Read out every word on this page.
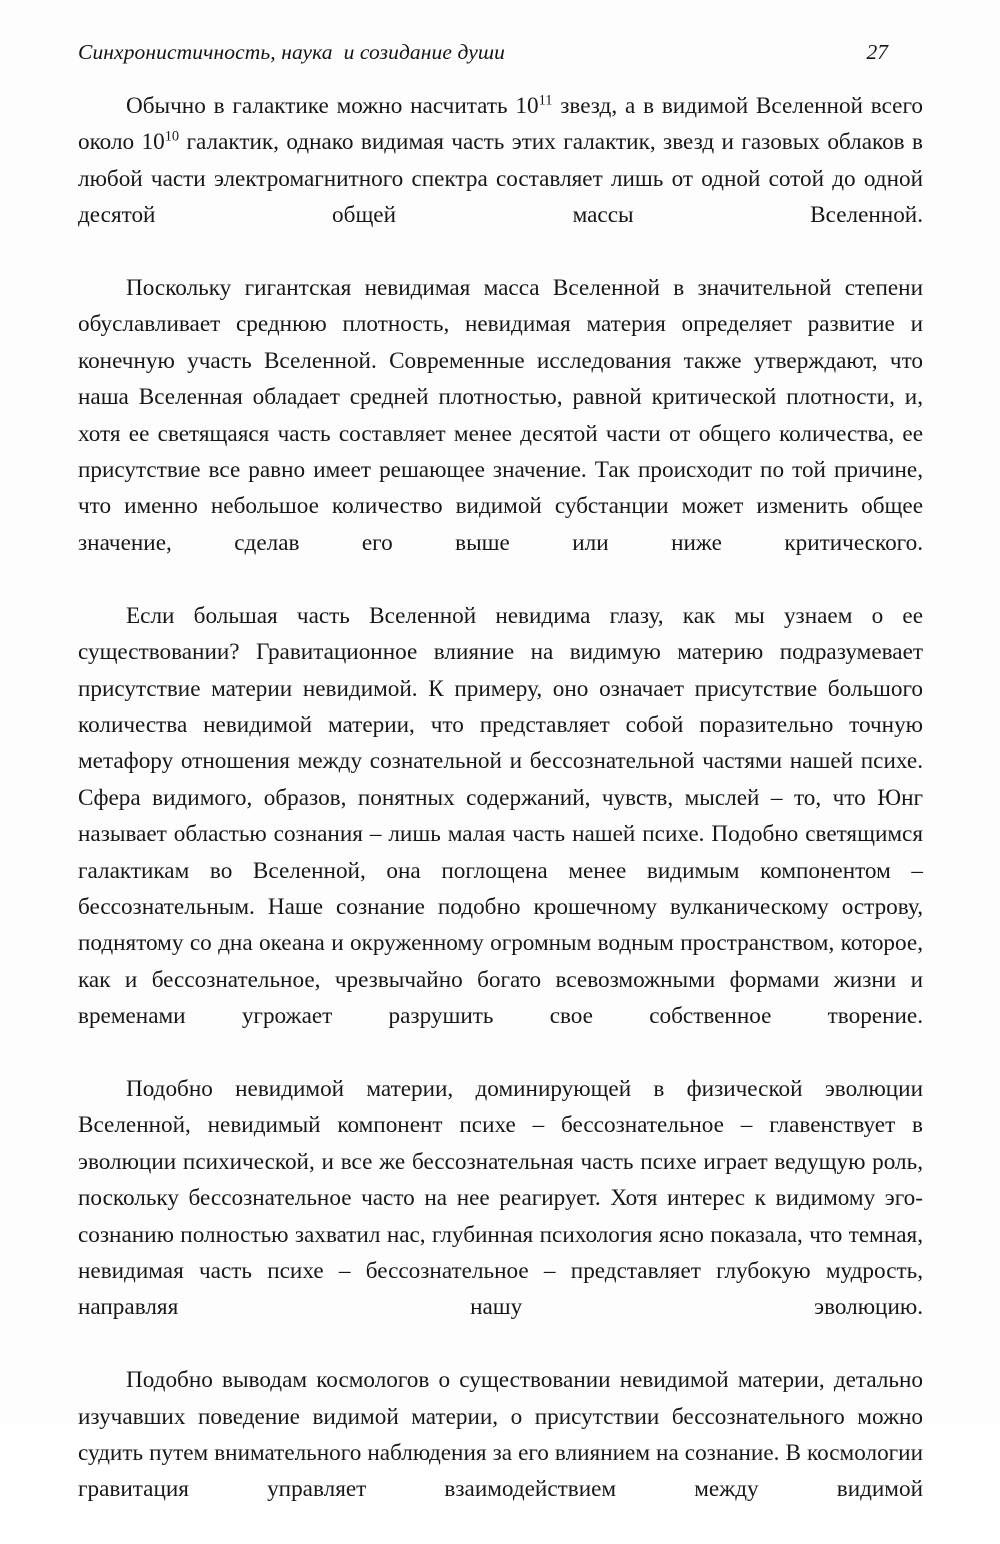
Синхронистичность, наука  и созидание души	27

Обычно в галактике можно насчитать $10^{11}$ звезд, а в видимой Вселенной всего около $10^{10}$ галактик, однако видимая часть этих галактик, звезд и газовых облаков в любой части электромагнитного спектра составляет лишь от одной сотой до одной десятой общей массы Вселенной.

Поскольку гигантская невидимая масса Вселенной в значительной степени обуславливает среднюю плотность, невидимая материя определяет развитие и конечную участь Вселенной. Современные исследования также утверждают, что наша Вселенная обладает средней плотностью, равной критической плотности, и, хотя ее светящаяся часть составляет менее десятой части от общего количества, ее присутствие все равно имеет решающее значение. Так происходит по той причине, что именно небольшое количество видимой субстанции может изменить общее значение, сделав его выше или ниже критического.

Если большая часть Вселенной невидима глазу, как мы узнаем о ее существовании? Гравитационное влияние на видимую материю подразумевает присутствие материи невидимой. К примеру, оно означает присутствие большого количества невидимой материи, что представляет собой поразительно точную метафору отношения между сознательной и бессознательной частями нашей психе. Сфера видимого, образов, понятных содержаний, чувств, мыслей – то, что Юнг называет областью сознания – лишь малая часть нашей психе. Подобно светящимся галактикам во Вселенной, она поглощена менее видимым компонентом – бессознательным. Наше сознание подобно крошечному вулканическому острову, поднятому со дна океана и окруженному огромным водным пространством, которое, как и бессознательное, чрезвычайно богато всевозможными формами жизни и временами угрожает разрушить свое собственное творение.

Подобно невидимой материи, доминирующей в физической эволюции Вселенной, невидимый компонент психе – бессознательное – главенствует в эволюции психической, и все же бессознательная часть психе играет ведущую роль, поскольку бессознательное часто на нее реагирует. Хотя интерес к видимому эго-сознанию полностью захватил нас, глубинная психология ясно показала, что темная, невидимая часть психе – бессознательное – представляет глубокую мудрость, направляя нашу эволюцию.

Подобно выводам космологов о существовании невидимой материи, детально изучавших поведение видимой материи, о присутствии бессознательного можно судить путем внимательного наблюдения за его влиянием на сознание. В космологии гравитация управляет взаимодействием между видимой
